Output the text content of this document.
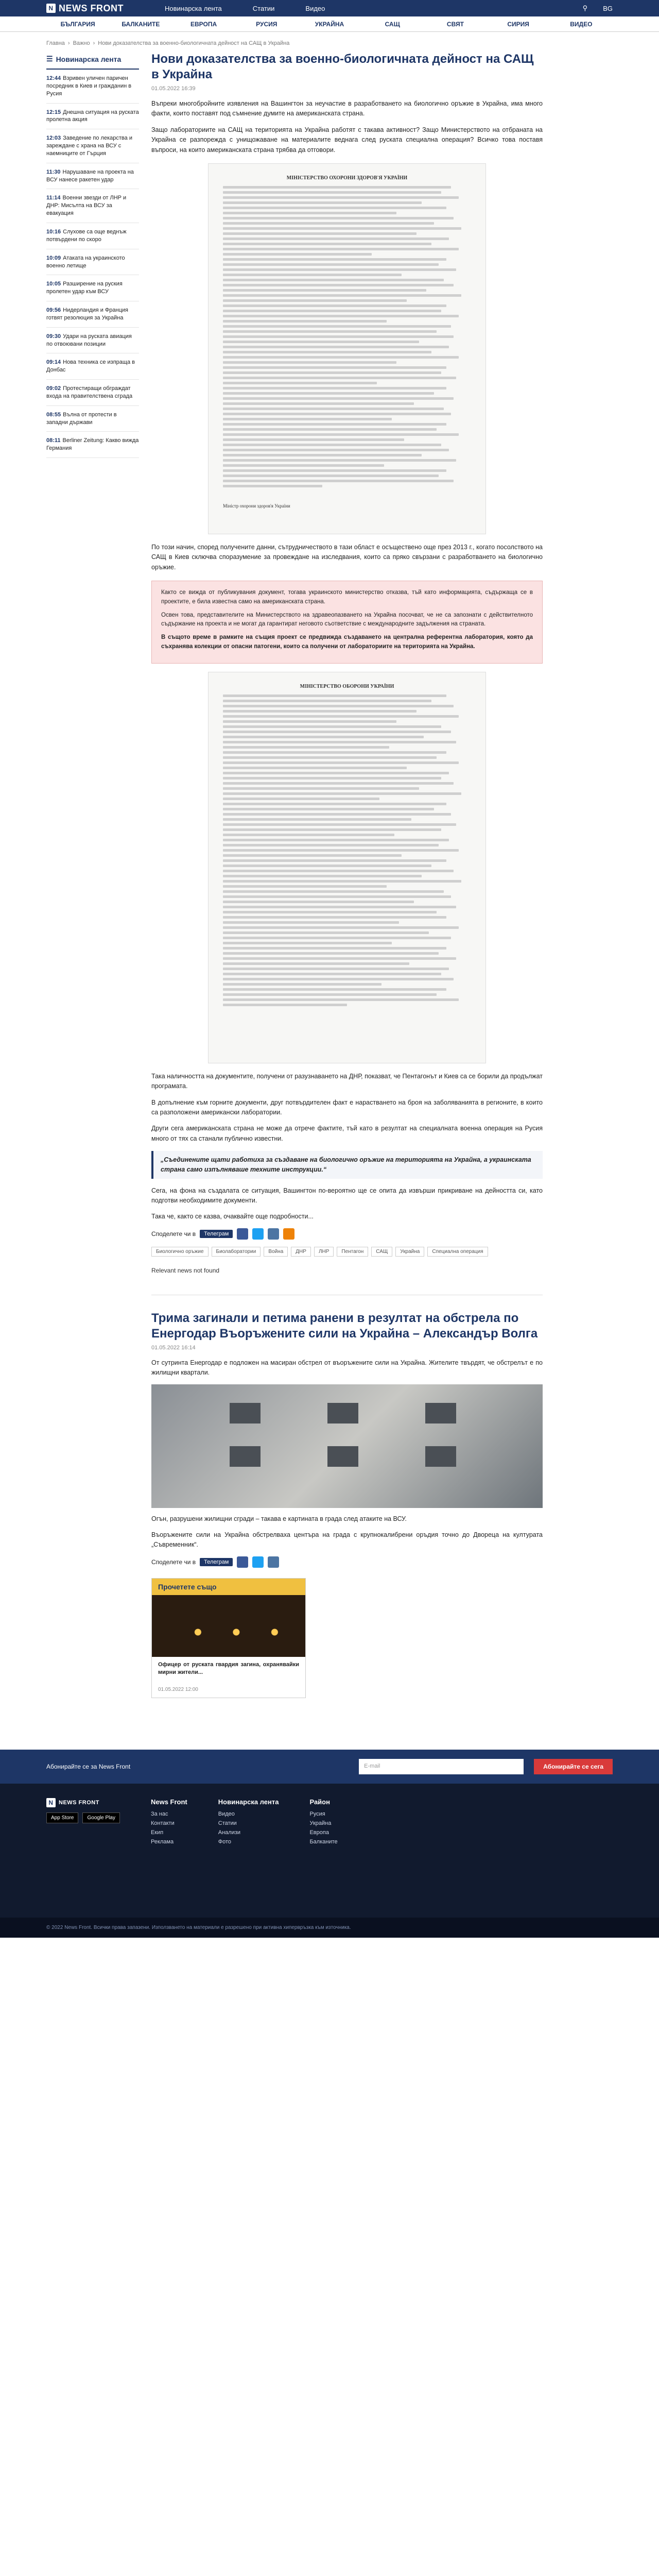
N NEWS FRONT	Новинарска лента	Статии	Видео	⚲ BG
БЪЛГАРИЯ	БАЛКАНИТЕ	ЕВРОПА	РУСИЯ	УКРАЙНА	САЩ	СВЯТ	СИРИЯ	ВИДЕО
Главна › Важно › Нови доказателства за военно-биологичната дейност на САЩ в Украйна
☰ Новинарска лента
12:44 Взривен уличен паричен посредник в Киев и гражданин в Русия
12:15 Днешна ситуация на руската пролетна акция
12:03 Заведение по лекарства и зареждане с храна на ВСУ с наемниците от Гърция
11:30 Нарушаване на проекта на ВСУ нанесе ракетен удар
11:14 Военни звезди от ЛНР и ДНР: Мисълта на ВСУ за евакуация
10:16 Слухове са още веднъж потвърдени по скоро
10:09 Атаката на украинското военно летище
10:05 Разширение на руския пролетен удар към ВСУ
09:56 Нидерландия и Франция готвят резолюция за Украйна
09:30 Удари на руската авиация по отвоювани позиции
09:14 Нова техника се изпраща в Донбас
09:02 Протестиращи обграждат входа на правителствена сграда
08:55 Вълна от протести в западни държави
08:11 Berliner Zeitung: Какво вижда Германия
Нови доказателства за военно-биологичната дейност на САЩ в Украйна
01.05.2022 16:39

Въпреки многобройните изявления на Вашингтон за неучастие в разработването на биологично оръжие в Украйна, има много факти, които поставят под съмнение думите на американската страна.

Защо лабораториите на САЩ на територията на Украйна работят с такава активност? Защо Министерството на отбраната на Украйна се разпорежда с унищожаване на материалите веднага след руската специална операция? Всичко това поставя въпроси, на които американската страна трябва да отговори.

МІНІСТЕРСТВО ОХОРОНИ ЗДОРОВ'Я УКРАЇНИ
Міністр охорони здоров'я України

По този начин, според получените данни, сътрудничеството в тази област е осъществено още през 2013 г., когато посолството на САЩ в Киев сключва споразумение за провеждане на изследвания, които са пряко свързани с разработването на биологично оръжие.

Както се вижда от публикувания документ, тогава украинското министерство отказва, тъй като информацията, съдържаща се в проектите, е била известна само на американската страна.

Освен това, представителите на Министерството на здравеопазването на Украйна посочват, че не са запознати с действителното съдържание на проекта и не могат да гарантират неговото съответствие с международните задължения на страната.

В същото време в рамките на същия проект се предвижда създаването на централна референтна лаборатория, която да съхранява колекции от опасни патогени, които са получени от лабораториите на територията на Украйна.

МІНІСТЕРСТВО ОБОРОНИ УКРАЇНИ

Така наличността на документите, получени от разузнаването на ДНР, показват, че Пентагонът и Киев са се борили да продължат програмата.

В допълнение към горните документи, друг потвърдителен факт е нарастването на броя на заболяванията в регионите, в които са разположени американски лаборатории.

Други сега американската страна не може да отрече фактите, тъй като в резултат на специалната военна операция на Русия много от тях са станали публично известни.

„Съединените щати работиха за създаване на биологично оръжие на територията на Украйна, а украинската страна само изпълняваше техните инструкции.“

Сега, на фона на създалата се ситуация, Вашингтон по-вероятно ще се опита да извърши прикриване на дейността си, като подготви необходимите документи.

Така че, както се казва, очаквайте още подробности...

Споделете чи в	Телеграм
Биологично оръжие	Биолаборатории	Война	ДНР	ЛНР	Пентагон	САЩ	Украйна	Специална операция
Relevant news not found
Трима загинали и петима ранени в резултат на обстрела по Енергодар Въоръжените сили на Украйна – Александър Волга
01.05.2022 16:14

От сутринта Енергодар е подложен на масиран обстрел от въоръжените сили на Украйна. Жителите твърдят, че обстрелът е по жилищни квартали.

Огън, разрушени жилищни сгради – такава е картината в града след атаките на ВСУ.

Въоръжените сили на Украйна обстрелваха центъра на града с крупнокалибрени оръдия точно до Двореца на културата „Съвременник“.

Споделете чи в	Телеграм
Прочетете също

Офицер от руската гвардия загина, охранявайки мирни жители...

01.05.2022 12:00
Абонирайте се за News Front	E-mail	Абонирайте се сега
N NEWS FRONT
App Store	Google Play
News Front
За нас
Контакти
Екип
Реклама
Новинарска лента
Видео
Статии
Анализи
Фото
Район
Русия
Украйна
Европа
Балканите
© 2022 News Front. Всички права запазени. Използването на материали е разрешено при активна хипервръзка към източника.
